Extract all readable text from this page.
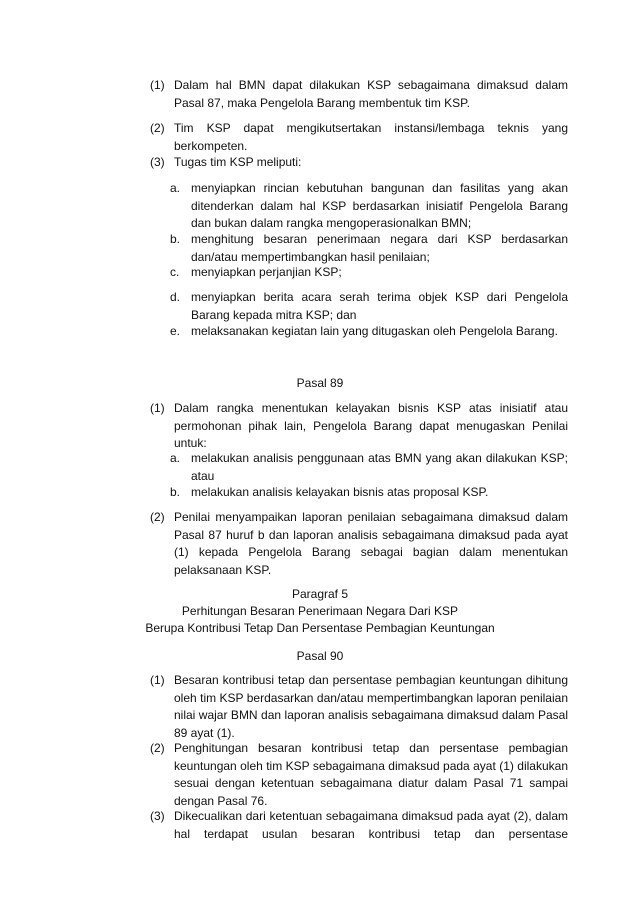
(1) Dalam hal BMN dapat dilakukan KSP sebagaimana dimaksud dalam Pasal 87, maka Pengelola Barang membentuk tim KSP.
(2) Tim KSP dapat mengikutsertakan instansi/lembaga teknis yang berkompeten.
(3) Tugas tim KSP meliputi:
a. menyiapkan rincian kebutuhan bangunan dan fasilitas yang akan ditenderkan dalam hal KSP berdasarkan inisiatif Pengelola Barang dan bukan dalam rangka mengoperasionalkan BMN;
b. menghitung besaran penerimaan negara dari KSP berdasarkan dan/atau mempertimbangkan hasil penilaian;
c. menyiapkan perjanjian KSP;
d. menyiapkan berita acara serah terima objek KSP dari Pengelola Barang kepada mitra KSP; dan
e. melaksanakan kegiatan lain yang ditugaskan oleh Pengelola Barang.
Pasal 89
(1) Dalam rangka menentukan kelayakan bisnis KSP atas inisiatif atau permohonan pihak lain, Pengelola Barang dapat menugaskan Penilai untuk:
a. melakukan analisis penggunaan atas BMN yang akan dilakukan KSP; atau
b. melakukan analisis kelayakan bisnis atas proposal KSP.
(2) Penilai menyampaikan laporan penilaian sebagaimana dimaksud dalam Pasal 87 huruf b dan laporan analisis sebagaimana dimaksud pada ayat (1) kepada Pengelola Barang sebagai bagian dalam menentukan pelaksanaan KSP.
Paragraf 5
Perhitungan Besaran Penerimaan Negara Dari KSP
Berupa Kontribusi Tetap Dan Persentase Pembagian Keuntungan
Pasal 90
(1) Besaran kontribusi tetap dan persentase pembagian keuntungan dihitung oleh tim KSP berdasarkan dan/atau mempertimbangkan laporan penilaian nilai wajar BMN dan laporan analisis sebagaimana dimaksud dalam Pasal 89 ayat (1).
(2) Penghitungan besaran kontribusi tetap dan persentase pembagian keuntungan oleh tim KSP sebagaimana dimaksud pada ayat (1) dilakukan sesuai dengan ketentuan sebagaimana diatur dalam Pasal 71 sampai dengan Pasal 76.
(3) Dikecualikan dari ketentuan sebagaimana dimaksud pada ayat (2), dalam hal terdapat usulan besaran kontribusi tetap dan persentase
